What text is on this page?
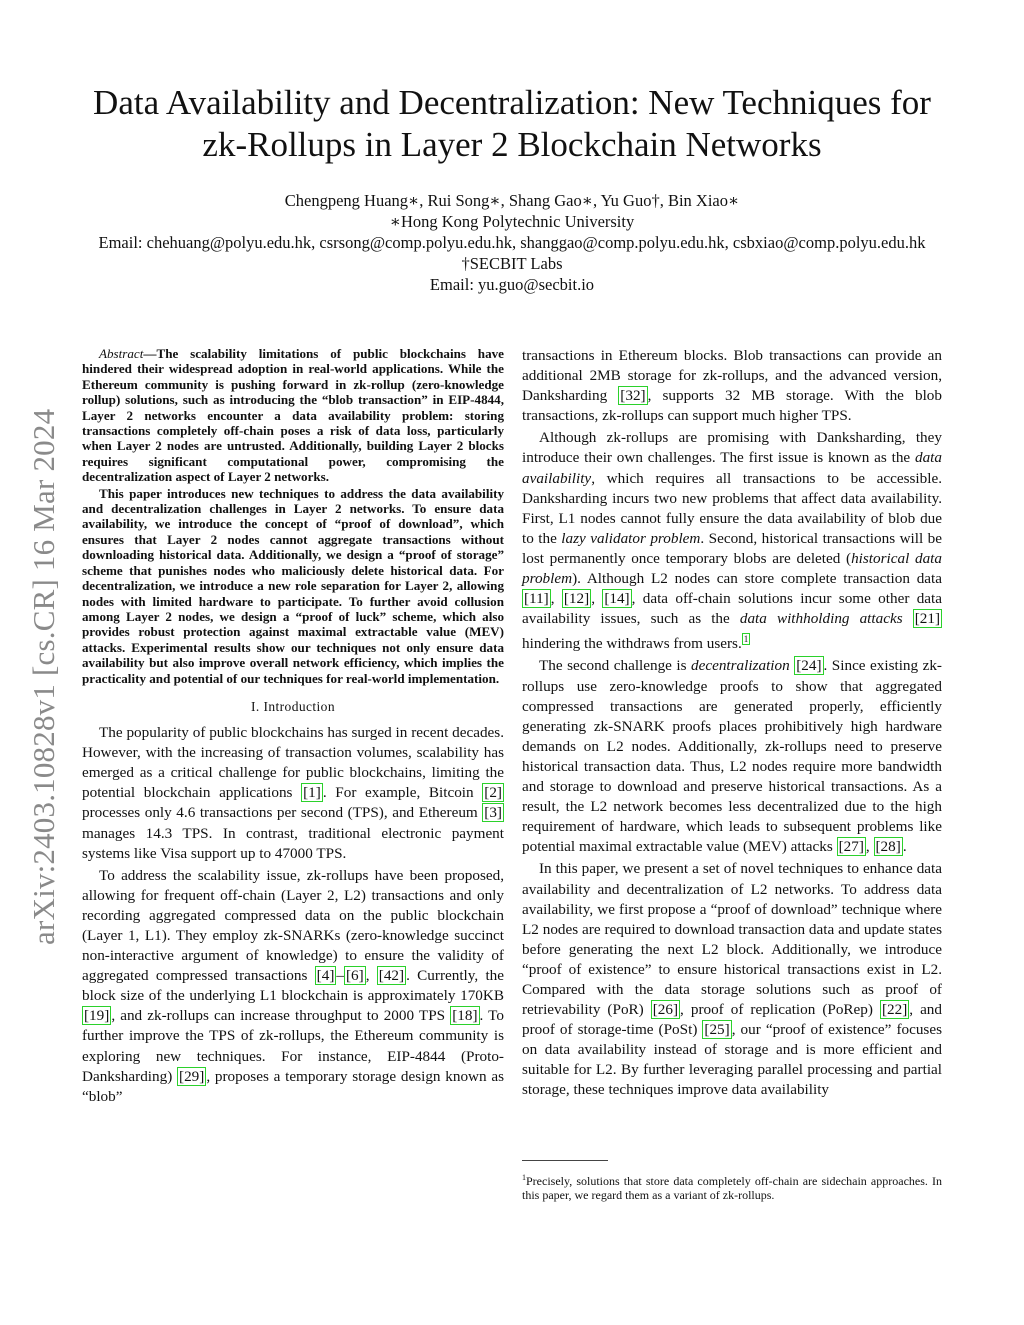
arXiv:2403.10828v1 [cs.CR] 16 Mar 2024
Data Availability and Decentralization: New Techniques for
zk-Rollups in Layer 2 Blockchain Networks

Chengpeng Huang∗, Rui Song∗, Shang Gao∗, Yu Guo†, Bin Xiao∗

∗Hong Kong Polytechnic University

Email: chehuang@polyu.edu.hk, csrsong@comp.polyu.edu.hk, shanggao@comp.polyu.edu.hk, csbxiao@comp.polyu.edu.hk

†SECBIT Labs

Email: yu.guo@secbit.io

Abstract—The scalability limitations of public blockchains have hindered their widespread adoption in real-world applications. While the Ethereum community is pushing forward in zk-rollup (zero-knowledge rollup) solutions, such as introducing the “blob transaction” in EIP-4844, Layer 2 networks encounter a data availability problem: storing transactions completely off-chain poses a risk of data loss, particularly when Layer 2 nodes are untrusted. Additionally, building Layer 2 blocks requires significant computational power, compromising the decentralization aspect of Layer 2 networks.

This paper introduces new techniques to address the data availability and decentralization challenges in Layer 2 networks. To ensure data availability, we introduce the concept of “proof of download”, which ensures that Layer 2 nodes cannot aggregate transactions without downloading historical data. Additionally, we design a “proof of storage” scheme that punishes nodes who maliciously delete historical data. For decentralization, we introduce a new role separation for Layer 2, allowing nodes with limited hardware to participate. To further avoid collusion among Layer 2 nodes, we design a “proof of luck” scheme, which also provides robust protection against maximal extractable value (MEV) attacks. Experimental results show our techniques not only ensure data availability but also improve overall network efficiency, which implies the practicality and potential of our techniques for real-world implementation.

I. Introduction

The popularity of public blockchains has surged in recent decades. However, with the increasing of transaction volumes, scalability has emerged as a critical challenge for public blockchains, limiting the potential blockchain applications [1] . For example, Bitcoin [2] processes only 4.6 transactions per second (TPS), and Ethereum [3] manages 14.3 TPS. In contrast, traditional electronic payment systems like Visa support up to 47000 TPS.

To address the scalability issue, zk-rollups have been proposed, allowing for frequent off-chain (Layer 2, L2) transactions and only recording aggregated compressed data on the public blockchain (Layer 1, L1). They employ zk-SNARKs (zero-knowledge succinct non-interactive argument of knowledge) to ensure the validity of aggregated compressed transactions [4] – [6] , [42] . Currently, the block size of the underlying L1 blockchain is approximately 170KB [19] , and zk-rollups can increase throughput to 2000 TPS [18] . To further improve the TPS of zk-rollups, the Ethereum community is exploring new techniques. For instance, EIP-4844 (Proto-Danksharding) [29] , proposes a temporary storage design known as “blob”

transactions in Ethereum blocks. Blob transactions can provide an additional 2MB storage for zk-rollups, and the advanced version, Danksharding [32] , supports 32 MB storage. With the blob transactions, zk-rollups can support much higher TPS.

Although zk-rollups are promising with Danksharding, they introduce their own challenges. The first issue is known as the data availability, which requires all transactions to be accessible. Danksharding incurs two new problems that affect data availability. First, L1 nodes cannot fully ensure the data availability of blob due to the lazy validator problem. Second, historical transactions will be lost permanently once temporary blobs are deleted (historical data problem). Although L2 nodes can store complete transaction data [11] , [12] , [14] , data off-chain solutions incur some other data availability issues, such as the data withholding attacks [21] hindering the withdraws from users. $^1$

The second challenge is decentralization [24] . Since existing zk-rollups use zero-knowledge proofs to show that aggregated compressed transactions are generated properly, efficiently generating zk-SNARK proofs places prohibitively high hardware demands on L2 nodes. Additionally, zk-rollups need to preserve historical transaction data. Thus, L2 nodes require more bandwidth and storage to download and preserve historical transactions. As a result, the L2 network becomes less decentralized due to the high requirement of hardware, which leads to subsequent problems like potential maximal extractable value (MEV) attacks [27] , [28] .

In this paper, we present a set of novel techniques to enhance data availability and decentralization of L2 networks. To address data availability, we first propose a “proof of download” technique where L2 nodes are required to download transaction data and update states before generating the next L2 block. Additionally, we introduce “proof of existence” to ensure historical transactions exist in L2. Compared with the data storage solutions such as proof of retrievability (PoR) [26] , proof of replication (PoRep) [22] , and proof of storage-time (PoSt) [25] , our “proof of existence” focuses on data availability instead of storage and is more efficient and suitable for L2. By further leveraging parallel processing and partial storage, these techniques improve data availability

$^1$Precisely, solutions that store data completely off-chain are sidechain approaches. In this paper, we regard them as a variant of zk-rollups.
